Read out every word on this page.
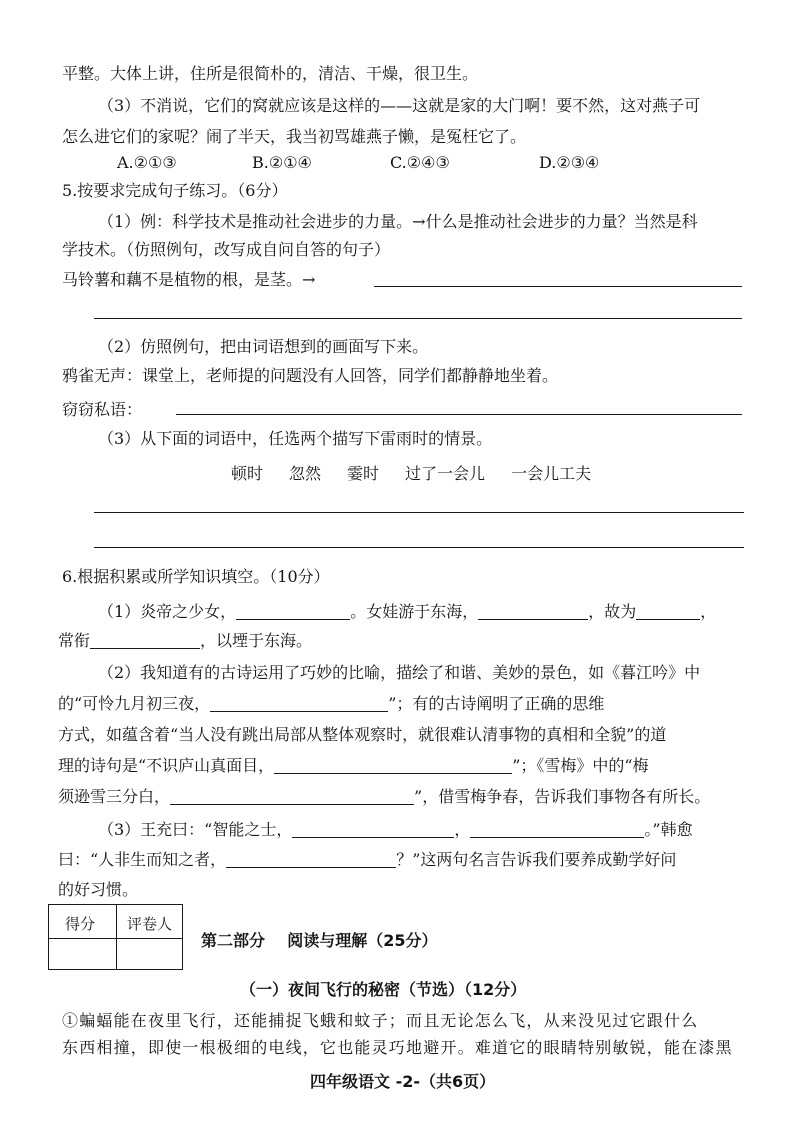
平整。大体上讲，住所是很简朴的，清洁、干燥，很卫生。
（3）不消说，它们的窝就应该是这样的——这就是家的大门啊！要不然，这对燕子可
怎么进它们的家呢？闹了半天，我当初骂雄燕子懒，是冤枉它了。
A.②①③	B.②①④	C.②④③	D.②③④
5.按要求完成句子练习。（6分）
（1）例：科学技术是推动社会进步的力量。→什么是推动社会进步的力量？当然是科
学技术。（仿照例句，改写成自问自答的句子）
马铃薯和藕不是植物的根，是茎。→
（2）仿照例句，把由词语想到的画面写下来。
鸦雀无声：课堂上，老师提的问题没有人回答，同学们都静静地坐着。
窃窃私语：
（3）从下面的词语中，任选两个描写下雷雨时的情景。
顿时 忽然 霎时 过了一会儿 一会儿工夫
6.根据积累或所学知识填空。（10分）
（1）炎帝之少女，	。女娃游于东海，	，故为	，
常衔	，以堙于东海。
（2）我知道有的古诗运用了巧妙的比喻，描绘了和谐、美妙的景色，如《暮江吟》中
的“可怜九月初三夜，	”；有的古诗阐明了正确的思维
方式，如蕴含着“当人没有跳出局部从整体观察时，就很难认清事物的真相和全貌”的道
理的诗句是“不识庐山真面目，	”；《雪梅》中的“梅
须逊雪三分白，	”，借雪梅争春，告诉我们事物各有所长。
（3）王充曰：“智能之士，	，	。”韩愈
曰：“人非生而知之者，	？”这两句名言告诉我们要养成勤学好问
的好习惯。
得分 评卷人
第二部分    阅读与理解（25分）
（一）夜间飞行的秘密（节选）（12分）
①蝙蝠能在夜里飞行，还能捕捉飞蛾和蚊子；而且无论怎么飞，从来没见过它跟什么
东西相撞，即使一根极细的电线，它也能灵巧地避开。难道它的眼睛特别敏锐，能在漆黑
四年级语文 -2-（共6页）
